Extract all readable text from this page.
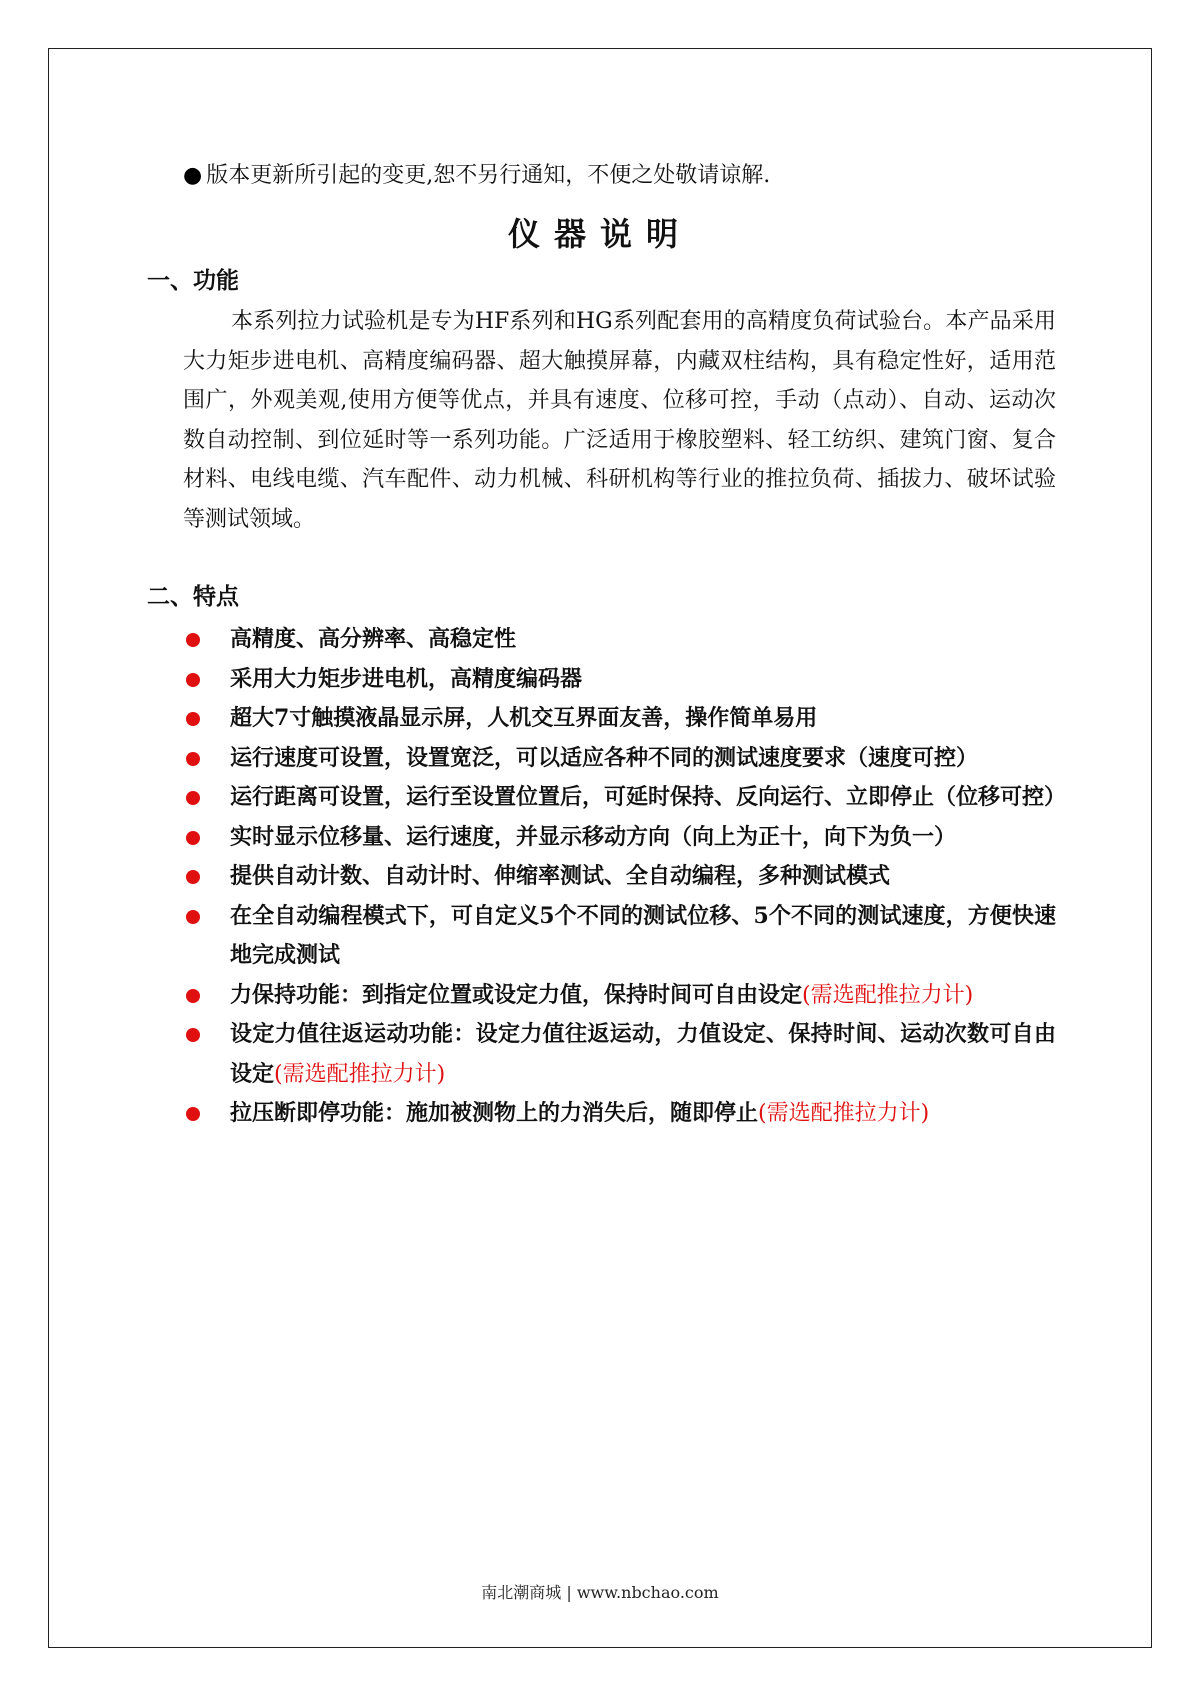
● 版本更新所引起的变更,恕不另行通知，不便之处敬请谅解.
仪器说明
一、功能
本系列拉力试验机是专为HF系列和HG系列配套用的高精度负荷试验台。本产品采用大力矩步进电机、高精度编码器、超大触摸屏幕，内藏双柱结构，具有稳定性好，适用范围广，外观美观,使用方便等优点，并具有速度、位移可控，手动（点动）、自动、运动次数自动控制、到位延时等一系列功能。广泛适用于橡胶塑料、轻工纺织、建筑门窗、复合材料、电线电缆、汽车配件、动力机械、科研机构等行业的推拉负荷、插拔力、破坏试验等测试领域。
二、特点
高精度、高分辨率、高稳定性
采用大力矩步进电机，高精度编码器
超大7寸触摸液晶显示屏，人机交互界面友善，操作简单易用
运行速度可设置，设置宽泛，可以适应各种不同的测试速度要求（速度可控）
运行距离可设置，运行至设置位置后，可延时保持、反向运行、立即停止（位移可控）
实时显示位移量、运行速度，并显示移动方向（向上为正十，向下为负一）
提供自动计数、自动计时、伸缩率测试、全自动编程，多种测试模式
在全自动编程模式下，可自定义5个不同的测试位移、5个不同的测试速度，方便快速地完成测试
力保持功能：到指定位置或设定力值，保持时间可自由设定(需选配推拉力计)
设定力值往返运动功能：设定力值往返运动，力值设定、保持时间、运动次数可自由设定(需选配推拉力计)
拉压断即停功能：施加被测物上的力消失后，随即停止(需选配推拉力计)
南北潮商城 | www.nbchao.com
